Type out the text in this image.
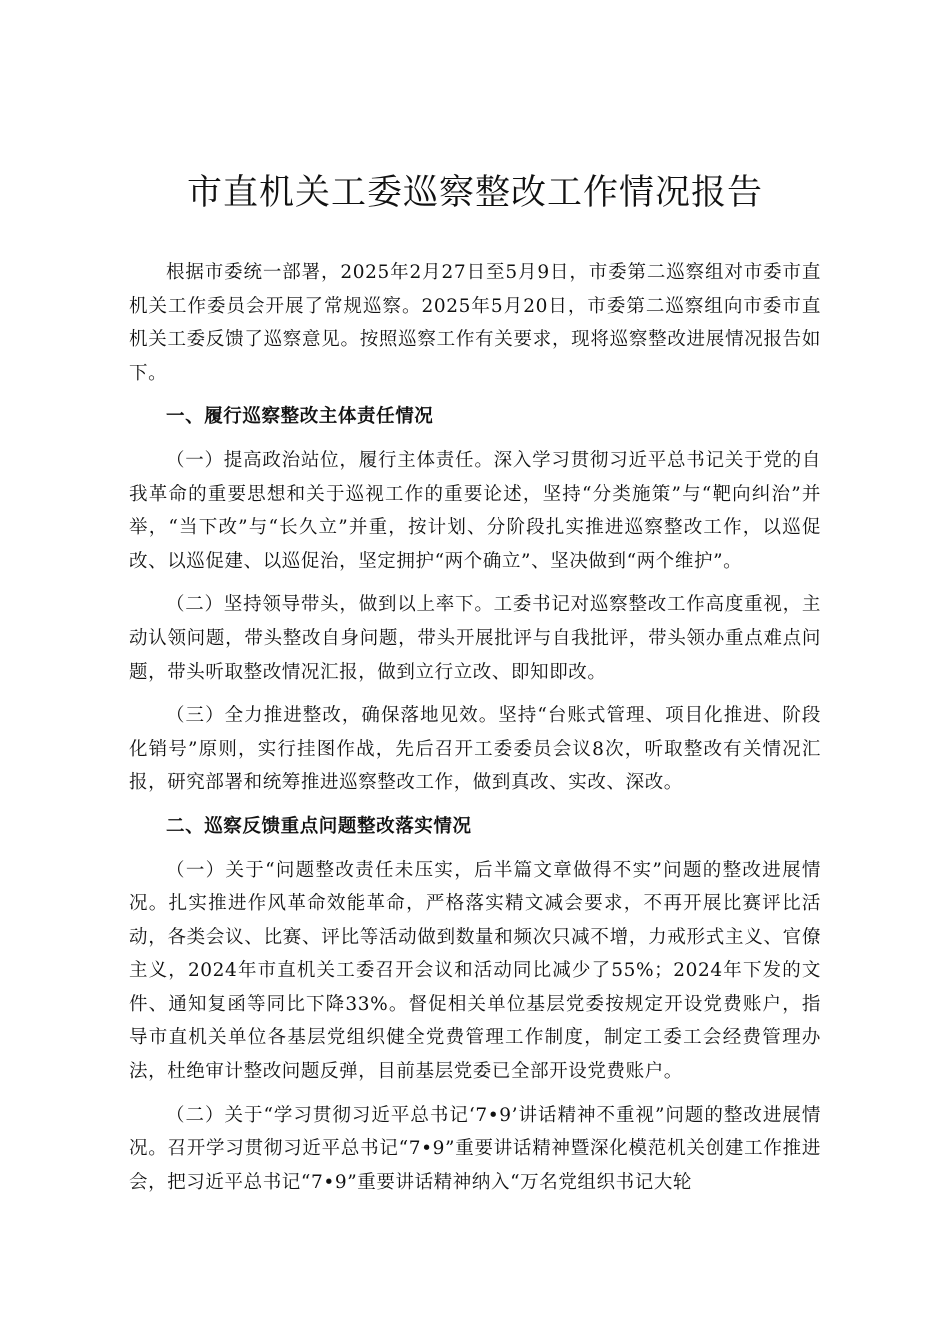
市直机关工委巡察整改工作情况报告

根据市委统一部署，2025年2月27日至5月9日，市委第二巡察组对市委市直机关工作委员会开展了常规巡察。2025年5月20日，市委第二巡察组向市委市直机关工委反馈了巡察意见。按照巡察工作有关要求，现将巡察整改进展情况报告如下。

一、履行巡察整改主体责任情况

（一）提高政治站位，履行主体责任。深入学习贯彻习近平总书记关于党的自我革命的重要思想和关于巡视工作的重要论述，坚持“分类施策”与“靶向纠治”并举，“当下改”与“长久立”并重，按计划、分阶段扎实推进巡察整改工作，以巡促改、以巡促建、以巡促治，坚定拥护“两个确立”、坚决做到“两个维护”。

（二）坚持领导带头，做到以上率下。工委书记对巡察整改工作高度重视，主动认领问题，带头整改自身问题，带头开展批评与自我批评，带头领办重点难点问题，带头听取整改情况汇报，做到立行立改、即知即改。

（三）全力推进整改，确保落地见效。坚持“台账式管理、项目化推进、阶段化销号”原则，实行挂图作战，先后召开工委委员会议8次，听取整改有关情况汇报，研究部署和统筹推进巡察整改工作，做到真改、实改、深改。

二、巡察反馈重点问题整改落实情况

（一）关于“问题整改责任未压实，后半篇文章做得不实”问题的整改进展情况。扎实推进作风革命效能革命，严格落实精文减会要求，不再开展比赛评比活动，各类会议、比赛、评比等活动做到数量和频次只减不增，力戒形式主义、官僚主义，2024年市直机关工委召开会议和活动同比减少了55%；2024年下发的文件、通知复函等同比下降33%。督促相关单位基层党委按规定开设党费账户，指导市直机关单位各基层党组织健全党费管理工作制度，制定工委工会经费管理办法，杜绝审计整改问题反弹，目前基层党委已全部开设党费账户。

（二）关于“学习贯彻习近平总书记‘7•9’讲话精神不重视”问题的整改进展情况。召开学习贯彻习近平总书记“7•9”重要讲话精神暨深化模范机关创建工作推进会，把习近平总书记“7•9”重要讲话精神纳入“万名党组织书记大轮
